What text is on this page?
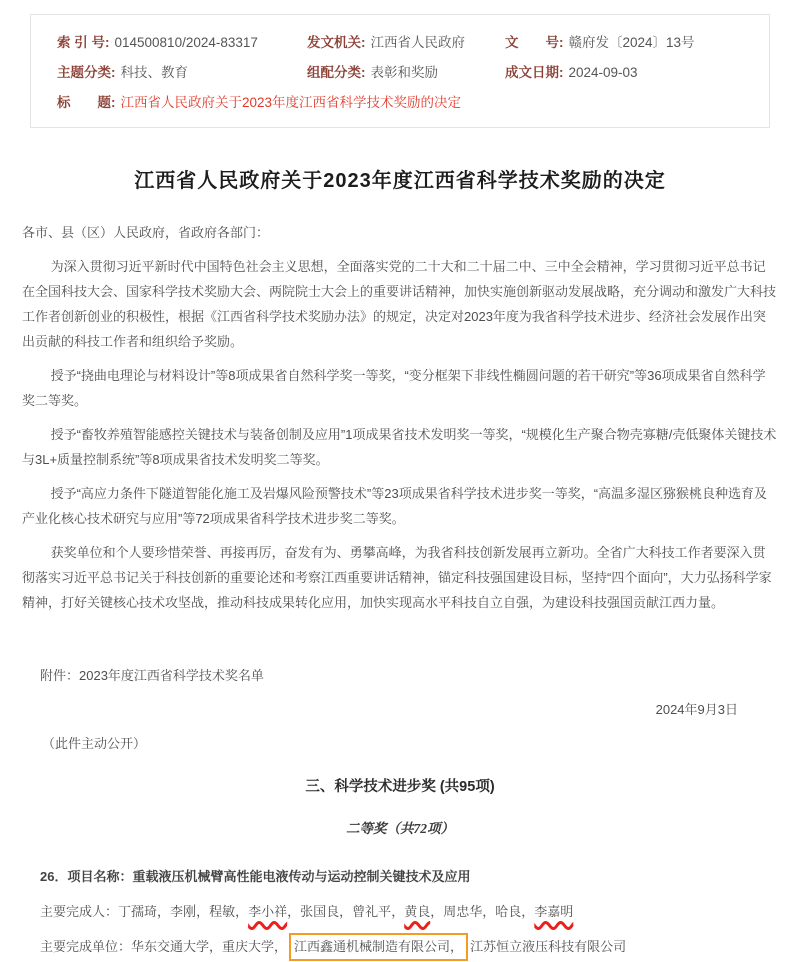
索 引 号: 014500810/2024-83317	发文机关: 江西省人民政府	文　　号: 赣府发〔2024〕13号
主题分类: 科技、教育	组配分类: 表彰和奖励	成文日期: 2024-09-03
标　　题: 江西省人民政府关于2023年度江西省科学技术奖励的决定
江西省人民政府关于2023年度江西省科学技术奖励的决定

各市、县（区）人民政府，省政府各部门：

为深入贯彻习近平新时代中国特色社会主义思想，全面落实党的二十大和二十届二中、三中全会精神，学习贯彻习近平总书记在全国科技大会、国家科学技术奖励大会、两院院士大会上的重要讲话精神，加快实施创新驱动发展战略，充分调动和激发广大科技工作者创新创业的积极性，根据《江西省科学技术奖励办法》的规定，决定对2023年度为我省科学技术进步、经济社会发展作出突出贡献的科技工作者和组织给予奖励。

授予“挠曲电理论与材料设计”等8项成果省自然科学奖一等奖，“变分框架下非线性椭圆问题的若干研究”等36项成果省自然科学奖二等奖。

授予“畜牧养殖智能感控关键技术与装备创制及应用”1项成果省技术发明奖一等奖，“规模化生产聚合物壳寡糖/壳低聚体关键技术与3L+质量控制系统”等8项成果省技术发明奖二等奖。

授予“高应力条件下隧道智能化施工及岩爆风险预警技术”等23项成果省科学技术进步奖一等奖，“高温多湿区猕猴桃良种选育及产业化核心技术研究与应用”等72项成果省科学技术进步奖二等奖。

获奖单位和个人要珍惜荣誉、再接再厉，奋发有为、勇攀高峰，为我省科技创新发展再立新功。全省广大科技工作者要深入贯彻落实习近平总书记关于科技创新的重要论述和考察江西重要讲话精神，锚定科技强国建设目标，坚持“四个面向”，大力弘扬科学家精神，打好关键核心技术攻坚战，推动科技成果转化应用，加快实现高水平科技自立自强，为建设科技强国贡献江西力量。

附件：2023年度江西省科学技术奖名单

2024年9月3日

（此件主动公开）

三、科学技术进步奖 (共95项)

二等奖（共72项）

26．项目名称：重载液压机械臂高性能电液传动与运动控制关键技术及应用

主要完成人：丁孺琦，李刚，程敏，李小祥，张国良，曾礼平，黄良，周忠华，哈良，李嘉明

主要完成单位：华东交通大学，重庆大学， 江西鑫通机械制造有限公司， 江苏恒立液压科技有限公司
